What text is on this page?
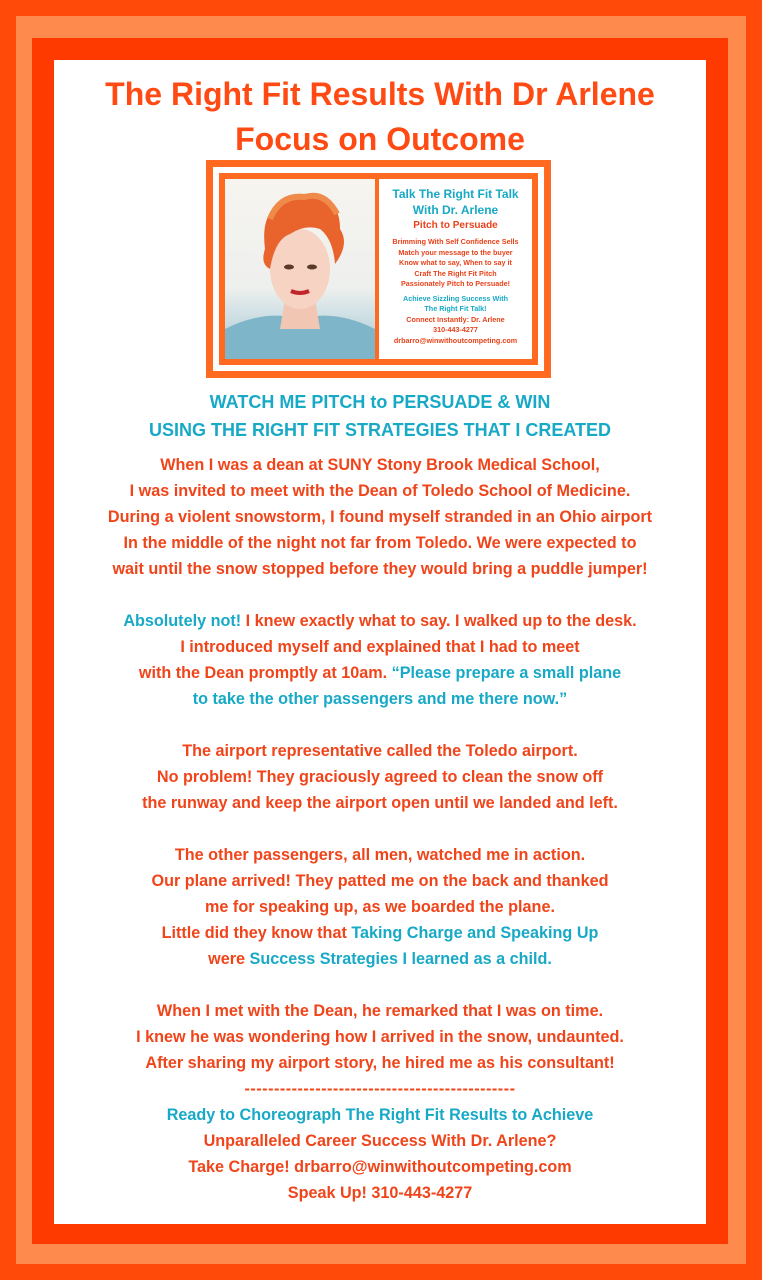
The Right Fit Results With Dr Arlene
Focus on Outcome
Talk The Right Fit Talk
With Dr. Arlene
Pitch to Persuade
Brimming With Self Confidence Sells
Match your message to the buyer
Know what to say, When to say it
Craft The Right Fit Pitch
Passionately Pitch to Persuade!
Achieve Sizzling Success With
The Right Fit Talk!
Connect Instantly: Dr. Arlene
310-443-4277
drbarro@winwithoutcompeting.com
WATCH ME PITCH to PERSUADE & WIN
USING THE RIGHT FIT STRATEGIES THAT I CREATED

When I was a dean at SUNY Stony Brook Medical School,
I was invited to meet with the Dean of Toledo School of Medicine.
During a violent snowstorm, I found myself stranded in an Ohio airport
In the middle of the night not far from Toledo. We were expected to
wait until the snow stopped before they would bring a puddle jumper!

Absolutely not! I knew exactly what to say. I walked up to the desk.
I introduced myself and explained that I had to meet
with the Dean promptly at 10am. “Please prepare a small plane
to take the other passengers and me there now.”

The airport representative called the Toledo airport.
No problem! They graciously agreed to clean the snow off
the runway and keep the airport open until we landed and left.

The other passengers, all men, watched me in action.
Our plane arrived! They patted me on the back and thanked
me for speaking up, as we boarded the plane.
Little did they know that Taking Charge and Speaking Up
were Success Strategies I learned as a child.

When I met with the Dean, he remarked that I was on time.
I knew he was wondering how I arrived in the snow, undaunted.
After sharing my airport story, he hired me as his consultant!

----------------------------------------------
Ready to Choreograph The Right Fit Results to Achieve
Unparalleled Career Success With Dr. Arlene?
Take Charge! drbarro@winwithoutcompeting.com
Speak Up! 310-443-4277
